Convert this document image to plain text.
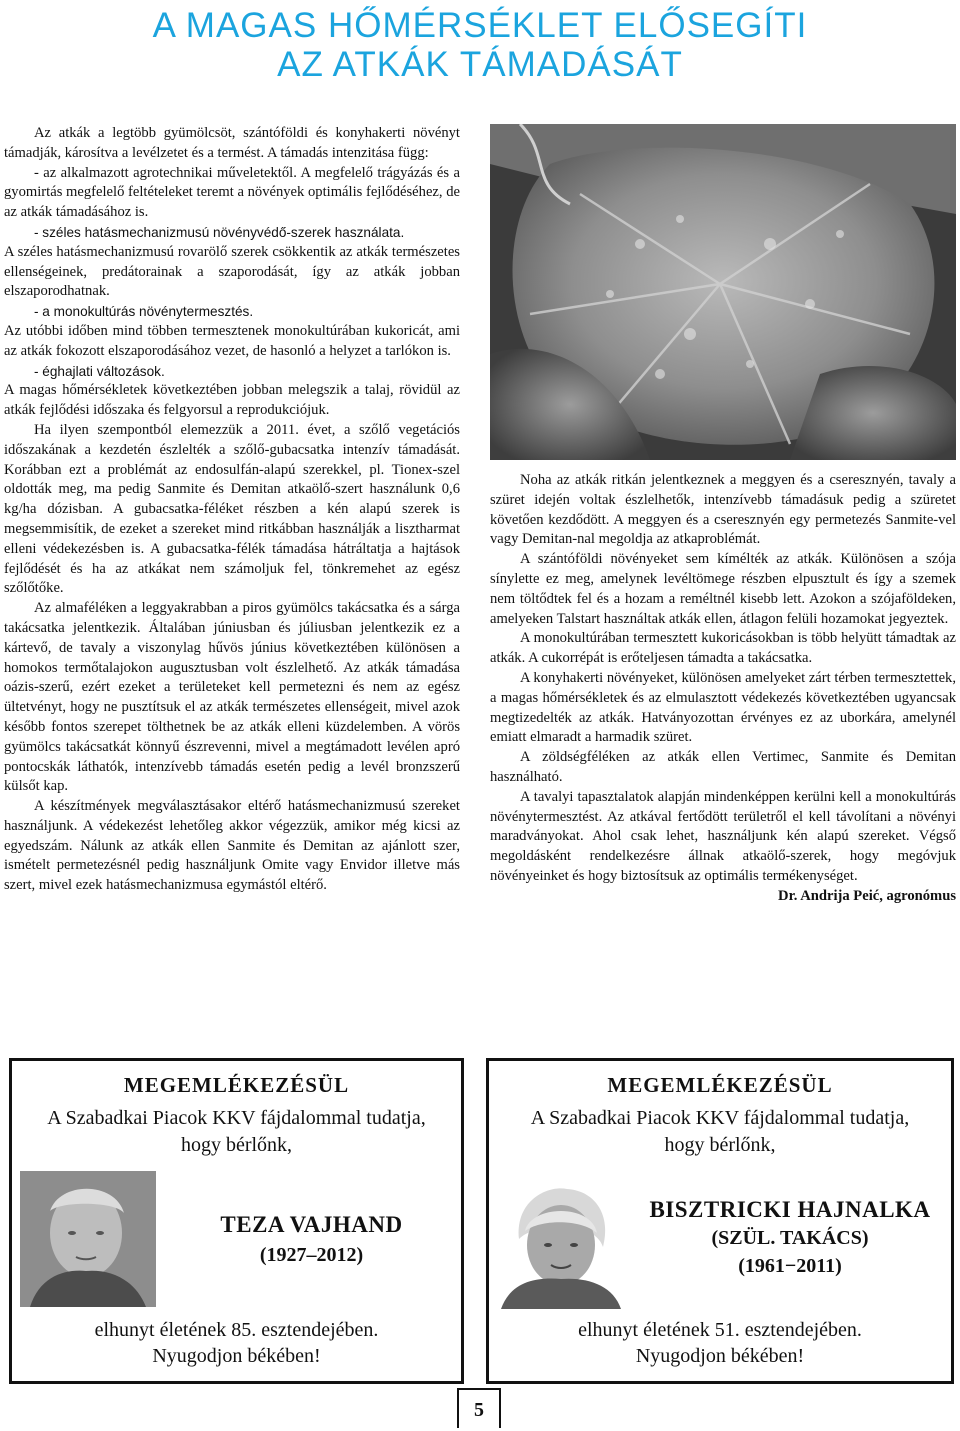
A MAGAS HŐMÉRSÉKLET ELŐSEGÍTI
AZ ATKÁK TÁMADÁSÁT

Az atkák a legtöbb gyümölcsöt, szántóföldi és konyhakerti növényt támadják, károsítva a levélzetet és a termést. A támadás intenzitása függ:

- az alkalmazott agrotechnikai műveletektől. A megfelelő trágyázás és a gyomirtás megfelelő feltételeket teremt a növények optimális fejlődéséhez, de az atkák támadásához is.

- széles hatásmechanizmusú növényvédő-szerek használata.

A széles hatásmechanizmusú rovarölő szerek csökkentik az atkák természetes ellenségeinek, predátorainak a szaporodását, így az atkák jobban elszaporodhatnak.

- a monokultúrás növénytermesztés.

Az utóbbi időben mind többen termesztenek monokultúrában kukoricát, ami az atkák fokozott elszaporodásához vezet, de hasonló a helyzet a tarlókon is.

- éghajlati változások.

A magas hőmérsékletek következtében jobban melegszik a talaj, rövidül az atkák fejlődési időszaka és felgyorsul a reprodukciójuk.

Ha ilyen szempontból elemezzük a 2011. évet, a szőlő vegetációs időszakának a kezdetén észlelték a szőlő-gubacsatka intenzív támadását. Korábban ezt a problémát az endosulfán-alapú szerekkel, pl. Tionex-szel oldották meg, ma pedig Sanmite és Demitan atkaölő-szert használunk 0,6 kg/ha dózisban. A gubacsatka-féléket részben a kén alapú szerek is megsemmisítik, de ezeket a szereket mind ritkábban használják a lisztharmat elleni védekezésben is. A gubacsatka-félék támadása hátráltatja a hajtások fejlődését és ha az atkákat nem számoljuk fel, tönkremehet az egész szőlőtőke.

Az almaféléken a leggyakrabban a piros gyümölcs takácsatka és a sárga takácsatka jelentkezik. Általában júniusban és júliusban jelentkezik ez a kártevő, de tavaly a viszonylag hűvös június következtében különösen a homokos termőtalajokon augusztusban volt észlelhető. Az atkák támadása oázis-szerű, ezért ezeket a területeket kell permetezni és nem az egész ültetvényt, hogy ne pusztítsuk el az atkák természetes ellenségeit, mivel azok később fontos szerepet tölthetnek be az atkák elleni küzdelemben. A vörös gyümölcs takácsatkát könnyű észrevenni, mivel a megtámadott levélen apró pontocskák láthatók, intenzívebb támadás esetén pedig a levél bronzszerű külsőt kap.

A készítmények megválasztásakor eltérő hatásmechanizmusú szereket használjunk. A védekezést lehetőleg akkor végezzük, amikor még kicsi az egyedszám. Nálunk az atkák ellen Sanmite és Demitan az ajánlott szer, ismételt permetezésnél pedig használjunk Omite vagy Envidor illetve más szert, mivel ezek hatásmechanizmusa egymástól eltérő.

Noha az atkák ritkán jelentkeznek a meggyen és a cseresznyén, tavaly a szüret idején voltak észlelhetők, intenzívebb támadásuk pedig a szüretet követően kezdődött. A meggyen és a cseresznyén egy permetezés Sanmite-vel vagy Demitan-nal megoldja az atkaproblémát.

A szántóföldi növényeket sem kímélték az atkák. Különösen a szója sínylette ez meg, amelynek levéltömege részben elpusztult és így a szemek nem töltődtek fel és a hozam a reméltnél kisebb lett. Azokon a szójaföldeken, amelyeken Talstart használtak atkák ellen, átlagon felüli hozamokat jegyeztek.

A monokultúrában termesztett kukoricásokban is több helyütt támadtak az atkák. A cukorrépát is erőteljesen támadta a takácsatka.

A konyhakerti növényeket, különösen amelyeket zárt térben termesztettek, a magas hőmérsékletek és az elmulasztott védekezés következtében ugyancsak megtizedelték az atkák. Hatványozottan érvényes ez az uborkára, amelynél emiatt elmaradt a harmadik szüret.

A zöldségféléken az atkák ellen Vertimec, Sanmite és Demitan használható.

A tavalyi tapasztalatok alapján mindenképpen kerülni kell a monokultúrás növénytermesztést. Az atkával fertődött területről el kell távolítani a növényi maradványokat. Ahol csak lehet, használjunk kén alapú szereket. Végső megoldásként rendelkezésre állnak atkaölő-szerek, hogy megóvjuk növényeinket és hogy biztosítsuk az optimális termékenységet.

Dr. Andrija Peić, agronómus

MEGEMLÉKEZÉSÜL
A Szabadkai Piacok KKV fájdalommal tudatja,
hogy bérlőnk,
TEZA VAJHAND
(1927–2012)
elhunyt életének 85. esztendejében.
Nyugodjon békében!
MEGEMLÉKEZÉSÜL
A Szabadkai Piacok KKV fájdalommal tudatja,
hogy bérlőnk,
BISZTRICKI HAJNALKA
(SZÜL. TAKÁCS)
(1961−2011)
elhunyt életének 51. esztendejében.
Nyugodjon békében!
5
